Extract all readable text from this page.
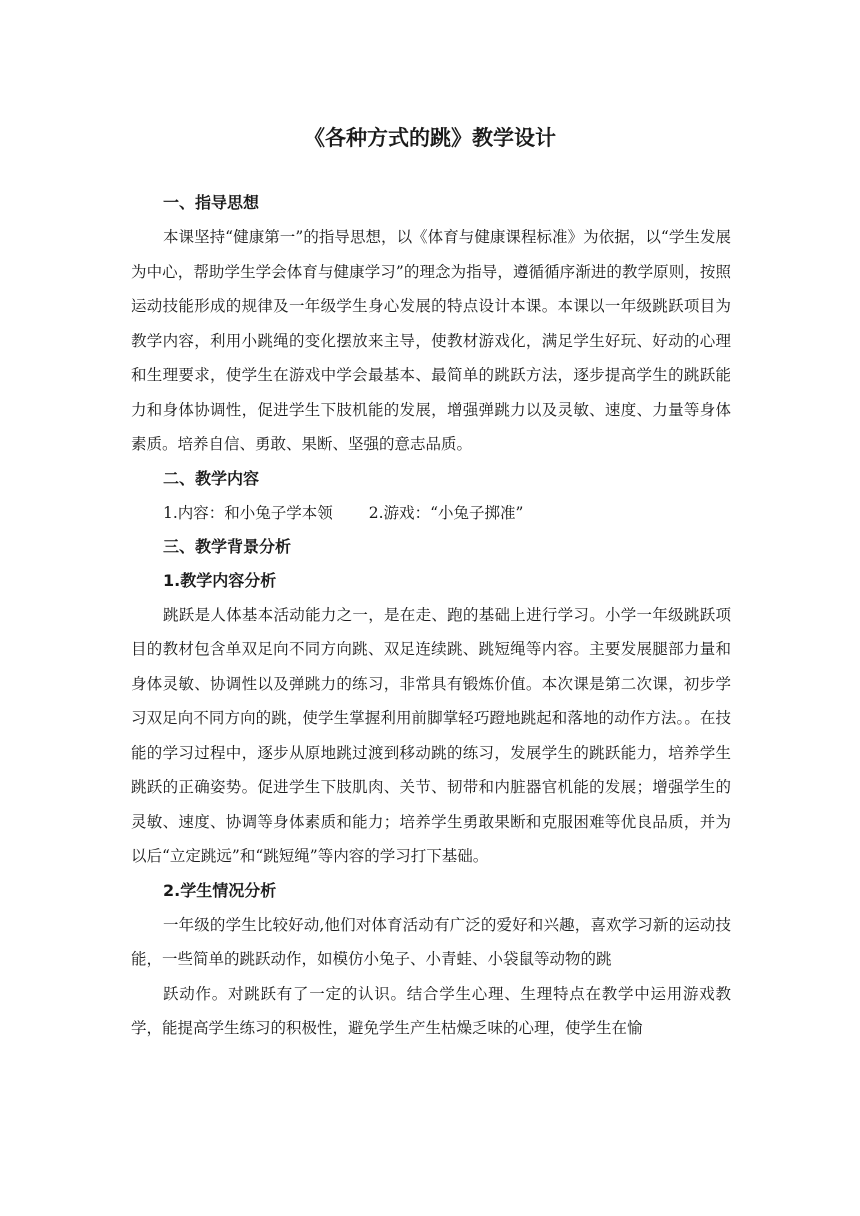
《各种方式的跳》教学设计
一、指导思想

本课坚持“健康第一”的指导思想，以《体育与健康课程标准》为依据，以“学生发展为中心，帮助学生学会体育与健康学习”的理念为指导，遵循循序渐进的教学原则，按照运动技能形成的规律及一年级学生身心发展的特点设计本课。本课以一年级跳跃项目为教学内容，利用小跳绳的变化摆放来主导，使教材游戏化，满足学生好玩、好动的心理和生理要求，使学生在游戏中学会最基本、最简单的跳跃方法，逐步提高学生的跳跃能力和身体协调性，促进学生下肢机能的发展，增强弹跳力以及灵敏、速度、力量等身体素质。培养自信、勇敢、果断、坚强的意志品质。

二、教学内容
1.内容：和小兔子学本领 2.游戏：“小兔子掷准”
三、教学背景分析
1.教学内容分析

跳跃是人体基本活动能力之一，是在走、跑的基础上进行学习。小学一年级跳跃项目的教材包含单双足向不同方向跳、双足连续跳、跳短绳等内容。主要发展腿部力量和身体灵敏、协调性以及弹跳力的练习，非常具有锻炼价值。本次课是第二次课，初步学习双足向不同方向的跳，使学生掌握利用前脚掌轻巧蹬地跳起和落地的动作方法。。在技能的学习过程中，逐步从原地跳过渡到移动跳的练习，发展学生的跳跃能力，培养学生跳跃的正确姿势。促进学生下肢肌肉、关节、韧带和内脏器官机能的发展；增强学生的灵敏、速度、协调等身体素质和能力；培养学生勇敢果断和克服困难等优良品质，并为以后“立定跳远”和“跳短绳”等内容的学习打下基础。

2.学生情况分析

一年级的学生比较好动,他们对体育活动有广泛的爱好和兴趣，喜欢学习新的运动技能，一些简单的跳跃动作，如模仿小兔子、小青蛙、小袋鼠等动物的跳

跃动作。对跳跃有了一定的认识。结合学生心理、生理特点在教学中运用游戏教学，能提高学生练习的积极性，避免学生产生枯燥乏味的心理，使学生在愉
